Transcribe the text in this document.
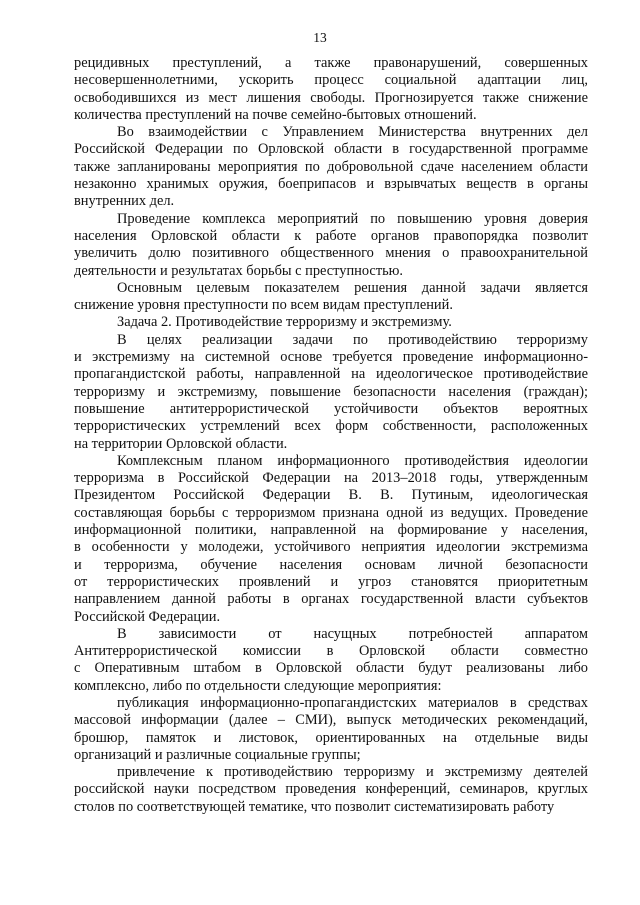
13
рецидивных преступлений, а также правонарушений, совершенных
несовершеннолетними, ускорить процесс социальной адаптации лиц,
освободившихся из мест лишения свободы. Прогнозируется также снижение
количества преступлений на почве семейно-бытовых отношений.
Во взаимодействии с Управлением Министерства внутренних дел
Российской Федерации по Орловской области в государственной программе
также запланированы мероприятия по добровольной сдаче населением области
незаконно хранимых оружия, боеприпасов и взрывчатых веществ в органы
внутренних дел.
Проведение комплекса мероприятий по повышению уровня доверия
населения Орловской области к работе органов правопорядка позволит
увеличить долю позитивного общественного мнения о правоохранительной
деятельности и результатах борьбы с преступностью.
Основным целевым показателем решения данной задачи является
снижение уровня преступности по всем видам преступлений.
Задача 2. Противодействие терроризму и экстремизму.
В целях реализации задачи по противодействию терроризму
и экстремизму на системной основе требуется проведение информационно-
пропагандистской работы, направленной на идеологическое противодействие
терроризму и экстремизму, повышение безопасности населения (граждан);
повышение антитеррористической устойчивости объектов вероятных
террористических устремлений всех форм собственности, расположенных
на территории Орловской области.
Комплексным планом информационного противодействия идеологии
терроризма в Российской Федерации на 2013–2018 годы, утвержденным
Президентом Российской Федерации В. В. Путиным, идеологическая
составляющая борьбы с терроризмом признана одной из ведущих. Проведение
информационной политики, направленной на формирование у населения,
в особенности у молодежи, устойчивого неприятия идеологии экстремизма
и терроризма, обучение населения основам личной безопасности
от террористических проявлений и угроз становятся приоритетным
направлением данной работы в органах государственной власти субъектов
Российской Федерации.
В зависимости от насущных потребностей аппаратом
Антитеррористической комиссии в Орловской области совместно
с Оперативным штабом в Орловской области будут реализованы либо
комплексно, либо по отдельности следующие мероприятия:
публикация информационно-пропагандистских материалов в средствах
массовой информации (далее – СМИ), выпуск методических рекомендаций,
брошюр, памяток и листовок, ориентированных на отдельные виды
организаций и различные социальные группы;
привлечение к противодействию терроризму и экстремизму деятелей
российской науки посредством проведения конференций, семинаров, круглых
столов по соответствующей тематике, что позволит систематизировать работу
